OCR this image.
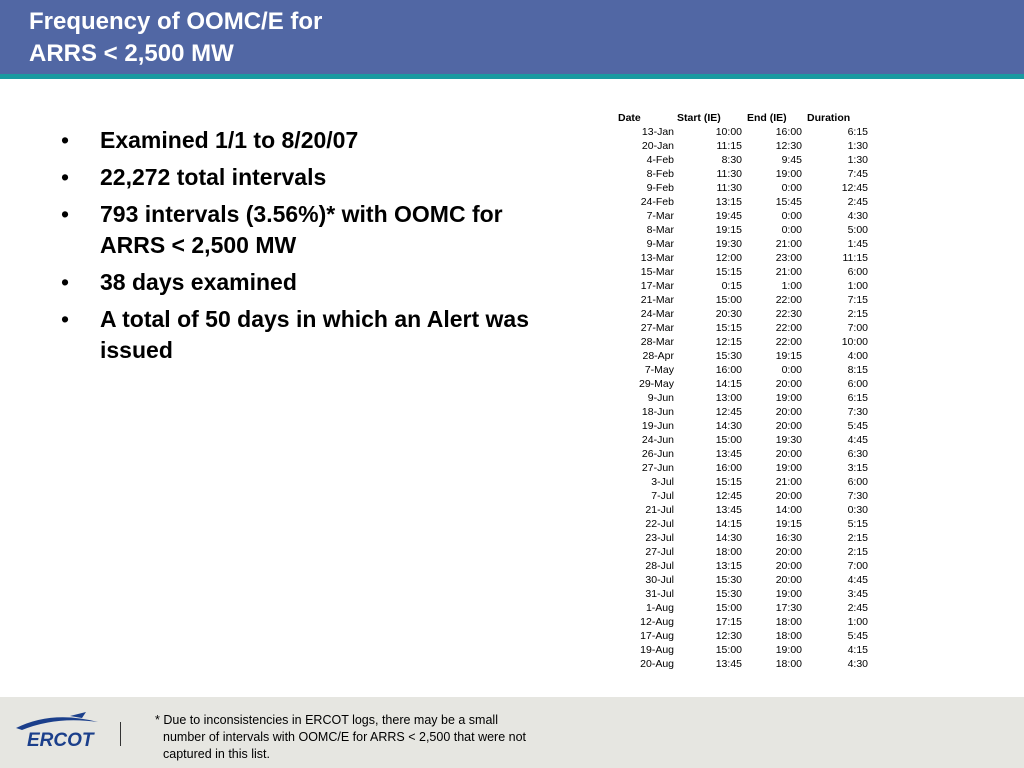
Frequency of OOMC/E for
ARRS < 2,500 MW
• Examined 1/1 to 8/20/07
• 22,272 total intervals
• 793 intervals (3.56%)* with OOMC for ARRS < 2,500 MW
• 38 days examined
• A total of 50 days in which an Alert was issued
Date	Start (IE)	End (IE)	Duration
13-Jan	10:00	16:00	6:15
20-Jan	11:15	12:30	1:30
4-Feb	8:30	9:45	1:30
8-Feb	11:30	19:00	7:45
9-Feb	11:30	0:00	12:45
24-Feb	13:15	15:45	2:45
7-Mar	19:45	0:00	4:30
8-Mar	19:15	0:00	5:00
9-Mar	19:30	21:00	1:45
13-Mar	12:00	23:00	11:15
15-Mar	15:15	21:00	6:00
17-Mar	0:15	1:00	1:00
21-Mar	15:00	22:00	7:15
24-Mar	20:30	22:30	2:15
27-Mar	15:15	22:00	7:00
28-Mar	12:15	22:00	10:00
28-Apr	15:30	19:15	4:00
7-May	16:00	0:00	8:15
29-May	14:15	20:00	6:00
9-Jun	13:00	19:00	6:15
18-Jun	12:45	20:00	7:30
19-Jun	14:30	20:00	5:45
24-Jun	15:00	19:30	4:45
26-Jun	13:45	20:00	6:30
27-Jun	16:00	19:00	3:15
3-Jul	15:15	21:00	6:00
7-Jul	12:45	20:00	7:30
21-Jul	13:45	14:00	0:30
22-Jul	14:15	19:15	5:15
23-Jul	14:30	16:30	2:15
27-Jul	18:00	20:00	2:15
28-Jul	13:15	20:00	7:00
30-Jul	15:30	20:00	4:45
31-Jul	15:30	19:00	3:45
1-Aug	15:00	17:30	2:45
12-Aug	17:15	18:00	1:00
17-Aug	12:30	18:00	5:45
19-Aug	15:00	19:00	4:15
20-Aug	13:45	18:00	4:30
ERCOT
* Due to inconsistencies in ERCOT logs, there may be a small
number of intervals with OOMC/E for ARRS < 2,500 that were not
captured in this list.
